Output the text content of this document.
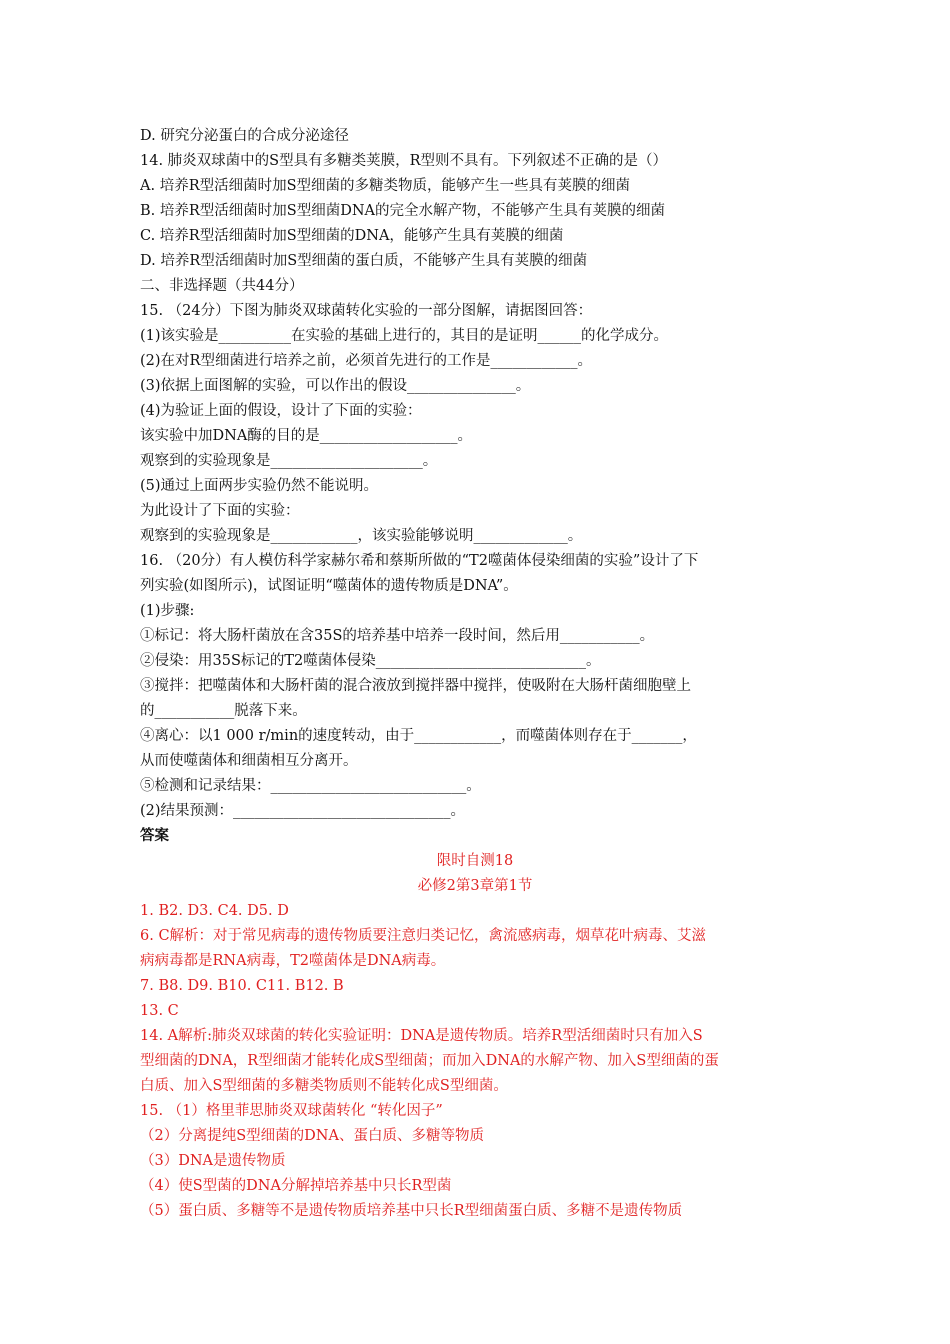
D. 研究分泌蛋白的合成分泌途径
14. 肺炎双球菌中的S型具有多糖类荚膜，R型则不具有。下列叙述不正确的是（）
A. 培养R型活细菌时加S型细菌的多糖类物质，能够产生一些具有荚膜的细菌
B. 培养R型活细菌时加S型细菌DNA的完全水解产物，不能够产生具有荚膜的细菌
C. 培养R型活细菌时加S型细菌的DNA，能够产生具有荚膜的细菌
D. 培养R型活细菌时加S型细菌的蛋白质，不能够产生具有荚膜的细菌
二、非选择题（共44分）
15. （24分）下图为肺炎双球菌转化实验的一部分图解，请据图回答：
(1)该实验是__________在实验的基础上进行的，其目的是证明______的化学成分。
(2)在对R型细菌进行培养之前，必须首先进行的工作是____________。
(3)依据上面图解的实验，可以作出的假设_______________。
(4)为验证上面的假设，设计了下面的实验：
该实验中加DNA酶的目的是___________________。
观察到的实验现象是_____________________。
(5)通过上面两步实验仍然不能说明。
为此设计了下面的实验：
观察到的实验现象是____________，该实验能够说明_____________。
16. （20分）有人模仿科学家赫尔希和蔡斯所做的“T2噬菌体侵染细菌的实验”设计了下
列实验(如图所示)，试图证明“噬菌体的遗传物质是DNA”。
(1)步骤:
①标记：将大肠杆菌放在含35S的培养基中培养一段时间，然后用___________。
②侵染：用35S标记的T2噬菌体侵染_____________________________。
③搅拌：把噬菌体和大肠杆菌的混合液放到搅拌器中搅拌，使吸附在大肠杆菌细胞壁上
的___________脱落下来。
④离心：以1 000 r/min的速度转动，由于____________，而噬菌体则存在于_______，
从而使噬菌体和细菌相互分离开。
⑤检测和记录结果：___________________________。
(2)结果预测：______________________________。
答案
限时自测18
必修2第3章第1节
1. B2. D3. C4. D5. D
6. C解析：对于常见病毒的遗传物质要注意归类记忆，禽流感病毒，烟草花叶病毒、艾滋
病病毒都是RNA病毒，T2噬菌体是DNA病毒。
7. B8. D9. B10. C11. B12. B
13. C
14. A解析:肺炎双球菌的转化实验证明：DNA是遗传物质。培养R型活细菌时只有加入S
型细菌的DNA，R型细菌才能转化成S型细菌；而加入DNA的水解产物、加入S型细菌的蛋
白质、加入S型细菌的多糖类物质则不能转化成S型细菌。
15. （1）格里菲思肺炎双球菌转化 “转化因子”
（2）分离提纯S型细菌的DNA、蛋白质、多糖等物质
（3）DNA是遗传物质
（4）使S型菌的DNA分解掉培养基中只长R型菌
（5）蛋白质、多糖等不是遗传物质培养基中只长R型细菌蛋白质、多糖不是遗传物质
